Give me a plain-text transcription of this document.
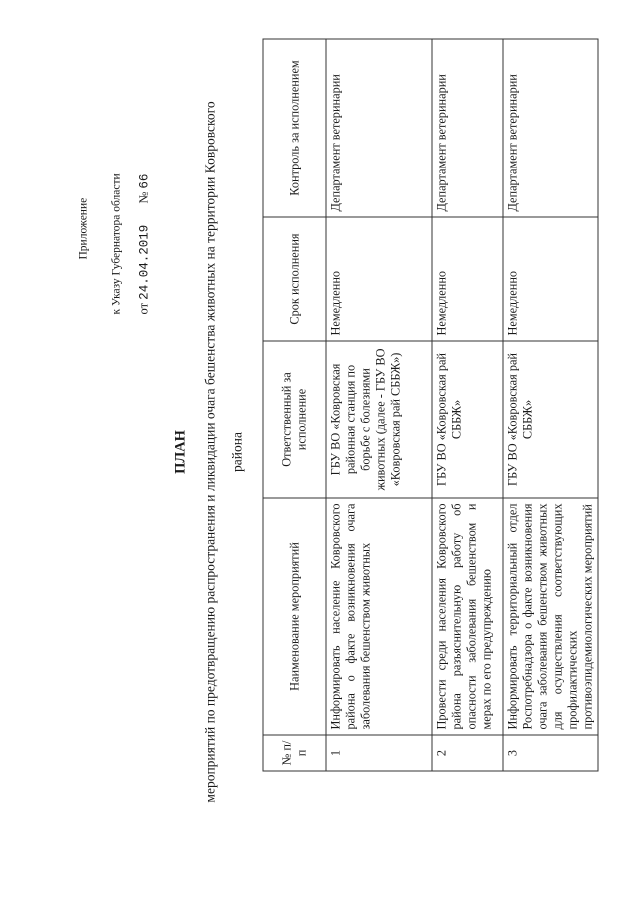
Приложение к Указу Губернатора области от 24.04.2019 № 66
ПЛАН	мероприятий по предотвращению распространения и ликвидации очага бешенства животных на территории Ковровского района
№ п/п	Наименование мероприятий	Ответственный за исполнение	Срок исполнения	Контроль за исполнением
1	Информировать население Ковровского района о факте возникновения очага заболевания бешенством животных	ГБУ ВО «Ковровская районная станция по борьбе с болезнями животных (далее - ГБУ ВО «Ковровская рай СББЖ»)	Немедленно	Департамент ветеринарии
2	Провести среди населения Ковровского района разъяснительную работу об опасности заболевания бешенством и мерах по его предупреждению	ГБУ ВО «Ковровская рай СББЖ»	Немедленно	Департамент ветеринарии
3	Информировать территориальный отдел Роспотребнадзора о факте возникновения очага заболевания бешенством животных для осуществления соответствующих профилактических противоэпидемиологических мероприятий	ГБУ ВО «Ковровская рай СББЖ»	Немедленно	Департамент ветеринарии
